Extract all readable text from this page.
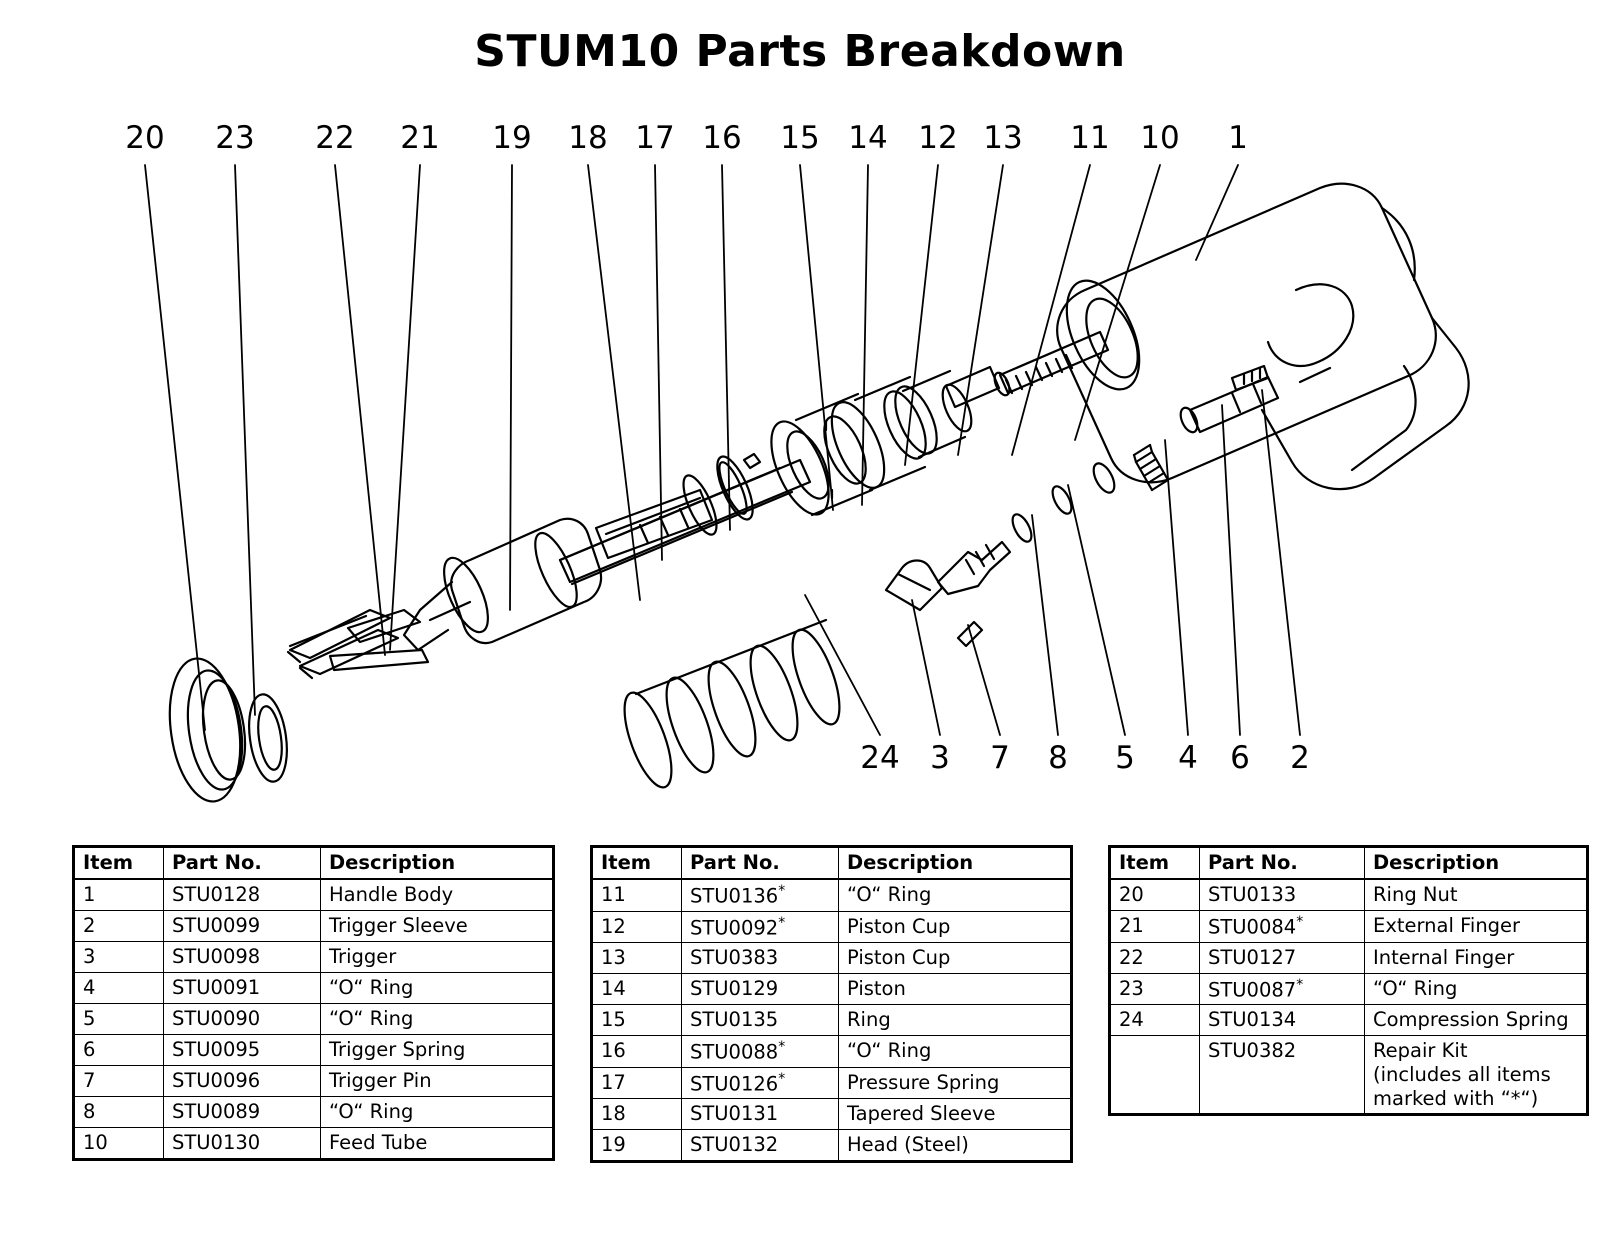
STUM10 Parts Breakdown
20 23 22 21 19 18 17 16 15 14 12 13 11 10 1
24 3 7 8 5 4 6 2
Item	Part No.	Description
1	STU0128	Handle Body
2	STU0099	Trigger Sleeve
3	STU0098	Trigger
4	STU0091	“O“ Ring
5	STU0090	“O“ Ring
6	STU0095	Trigger Spring
7	STU0096	Trigger Pin
8	STU0089	“O“ Ring
10	STU0130	Feed Tube
Item	Part No.	Description
11	STU0136*	“O“ Ring
12	STU0092*	Piston Cup
13	STU0383	Piston Cup
14	STU0129	Piston
15	STU0135	Ring
16	STU0088*	“O“ Ring
17	STU0126*	Pressure Spring
18	STU0131	Tapered Sleeve
19	STU0132	Head (Steel)
Item	Part No.	Description
20	STU0133	Ring Nut
21	STU0084*	External Finger
22	STU0127	Internal Finger
23	STU0087*	“O“ Ring
24	STU0134	Compression Spring
	STU0382	Repair Kit
(includes all items
marked with “*“)
